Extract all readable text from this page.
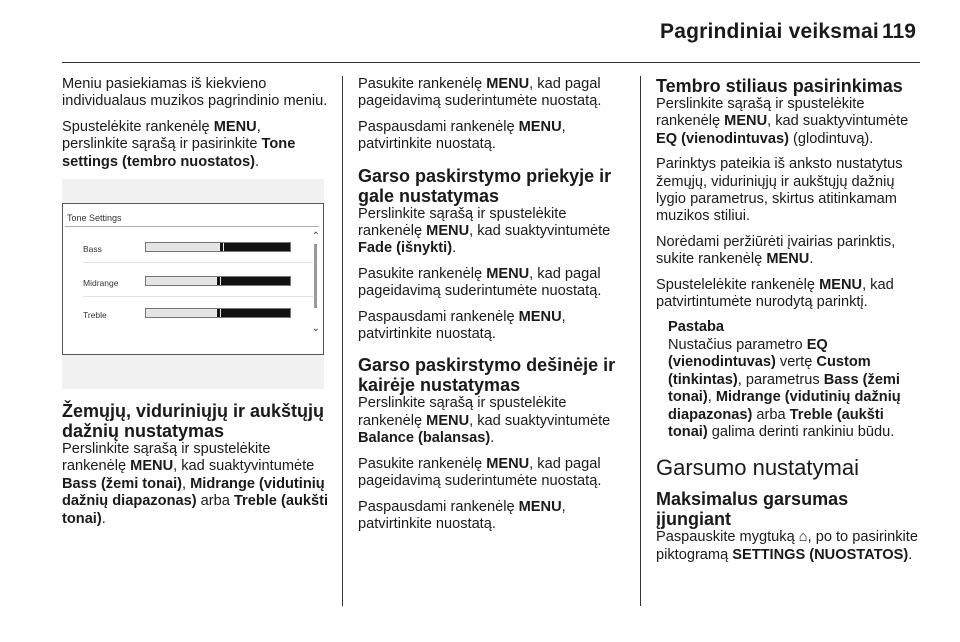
Pagrindiniai veiksmai 119

Meniu pasiekiamas iš kiekvieno individualaus muzikos pagrindinio meniu.

Spustelėkite rankenėlę MENU, perslinkite sąrašą ir pasirinkite Tone settings (tembro nuostatos).

Tone Settings
Bass
Midrange
Treble
⌃
⌄
Žemųjų, viduriniųjų ir aukštųjų dažnių nustatymas

Perslinkite sąrašą ir spustelėkite rankenėlę MENU, kad suaktyvintumėte Bass (žemi tonai), Midrange (vidutinių dažnių diapazonas) arba Treble (aukšti tonai).

Pasukite rankenėlę MENU, kad pagal pageidavimą suderintumėte nuostatą.

Paspausdami rankenėlę MENU, patvirtinkite nuostatą.

Garso paskirstymo priekyje ir gale nustatymas

Perslinkite sąrašą ir spustelėkite rankenėlę MENU, kad suaktyvintumėte Fade (išnykti).

Pasukite rankenėlę MENU, kad pagal pageidavimą suderintumėte nuostatą.

Paspausdami rankenėlę MENU, patvirtinkite nuostatą.

Garso paskirstymo dešinėje ir kairėje nustatymas

Perslinkite sąrašą ir spustelėkite rankenėlę MENU, kad suaktyvintumėte Balance (balansas).

Pasukite rankenėlę MENU, kad pagal pageidavimą suderintumėte nuostatą.

Paspausdami rankenėlę MENU, patvirtinkite nuostatą.

Tembro stiliaus pasirinkimas

Perslinkite sąrašą ir spustelėkite rankenėlę MENU, kad suaktyvintumėte EQ (vienodintuvas) (glodintuvą).

Parinktys pateikia iš anksto nustatytus žemųjų, viduriniųjų ir aukštųjų dažnių lygio parametrus, skirtus atitinkamam muzikos stiliui.

Norėdami peržiūrėti įvairias parinktis, sukite rankenėlę MENU.

Spustelelėkite rankenėlę MENU, kad patvirtintumėte nurodytą parinktį.

Pastaba

Nustačius parametro EQ (vienodintuvas) vertę Custom (tinkintas), parametrus Bass (žemi tonai), Midrange (vidutinių dažnių diapazonas) arba Treble (aukšti tonai) galima derinti rankiniu būdu.

Garsumo nustatymai
Maksimalus garsumas įjungiant

Paspauskite mygtuką ⌂, po to pasirinkite piktogramą SETTINGS (NUOSTATOS).
